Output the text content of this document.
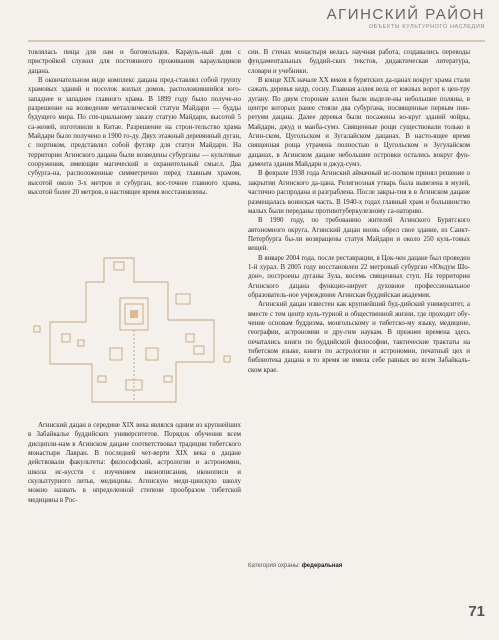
АГИНСКИЙ РАЙОН
ОБЪЕКТЫ КУЛЬТУРНОГО НАСЛЕДИЯ

товлялась пища для лам и богомольцев. Карауль-ный дом с пристройкой служил для постоянного проживания караульщиков дацана.

В окончательном виде комплекс дацана пред-ставлял собой группу храмовых зданий и поселок жилых домов, расположившийся юго-западнее и западнее главного храма. В 1899 году было получе-но разрешение на возведение металлической статуи Майдари — будды будущего мира. По спе-циальному заказу статую Майдари, высотой 5 са-женей, изготовили в Китае. Разрешение на строи-тельство храма Майдари было получено в 1900 го-ду. Двух этажный деревянный дуган, с портиком, представлял собой футляр для статуи Майдари. На территории Агинского дацана были возведены субурганы — культовые сооружения, имеющие магический и охранительный смысл. Два субурга-на, расположенные симметрично перед главным храмом, высотой около 3-х метров и субурган, вос-точнее главного храма, высотой более 20 метров, в настоящее время восстановлены.

Агинский дацан в середине XIX века являлся одним из крупнейших в Забайкалье буддийских университетов. Порядок обучения всем дисципли-нам в Агинском дацане соответствовал традиции тибетского монастыря Лавран. В последней чет-верти XIX века в дацане действовали факультеты: философский, астрологии и астрономии, школа ис-кусств с изучением иконописания, иконописи и скульптурного литья, медицины. Агинскую меди-цинскую школу можно назвать в определенной степени прообразом тибетской медицины в Рос-

сии. В стенах монастыря велась научная работа, создавались переводы фундаментальных буддий-ских текстов, дидактическая литература, словари и учебники.

В конце XIX начале XX веков в бурятских да-цанах вокруг храма стали сажать деревья кедр, сосну. Главная аллея вела от южных ворот к цен-тру дугану. По двум сторонам аллеи были выделе-ны небольшие поляны, в центре которых ранее стояли два субургана, посвященные первым пин-ретуям дацана. Далее деревья были посажены во-круг зданий чойры, Майдари, джуд и манба-сумэ. Священные рощи существовали только в Агин-ском, Цугольском и Зугалайском дацанах. В насто-ящее время священная роща утрачена полностью в Цугольском и Зугулайском дацанах, в Агинском дацане небольшие островки остались вокруг фун-дамента здания Майдари и джуд-сумэ.

В феврале 1938 года Агинский аймачный ис-полком принял решение о закрытии Агинского да-цана. Религиозная утварь была вывезена в музей, частично распродана и разграблена. После закры-тия в в Агинском дацане размещалась воинская часть. В 1940-х годах главный храм и большинство малых были переданы противотуберкулезному са-наторию.

В 1990 году, по требованию жителей Агинского Бурятского автономного округа, Агинский дацан вновь обрел свое здание, из Санкт-Петербурга бы-ли возвращены статуя Майдари и около 250 куль-товых вещей.

В январе 2004 года, после реставрации, в Цок-чен дацане был проведен 1-й хурал. В 2005 году восстановлен 22 метровый субурган «Юндум Шо-дон», построены дуганы Зула, восемь священных ступ. На территории Агинского дацана функцио-нирует духовное профессиональное образователь-ное учреждение Агинская буддийская академия.

Агинский дацан известен как крупнейший буд-дийский университет, а вместе с тем центр куль-турной и общественной жизни, где проходит обу-чение основам буддизма, монгольскому и тибетско-му языку, медицине, географии, астрономии и дру-гим наукам. В прежнее времена здесь печатались книги по буддийской философии, тактические трактаты на тибетском языке, книги по астрологии и астрономии, печатный цех и библиотека дацана в то время не имела себе равных во всем Забайкаль-ском крае.

Категория охраны: федеральная
71
